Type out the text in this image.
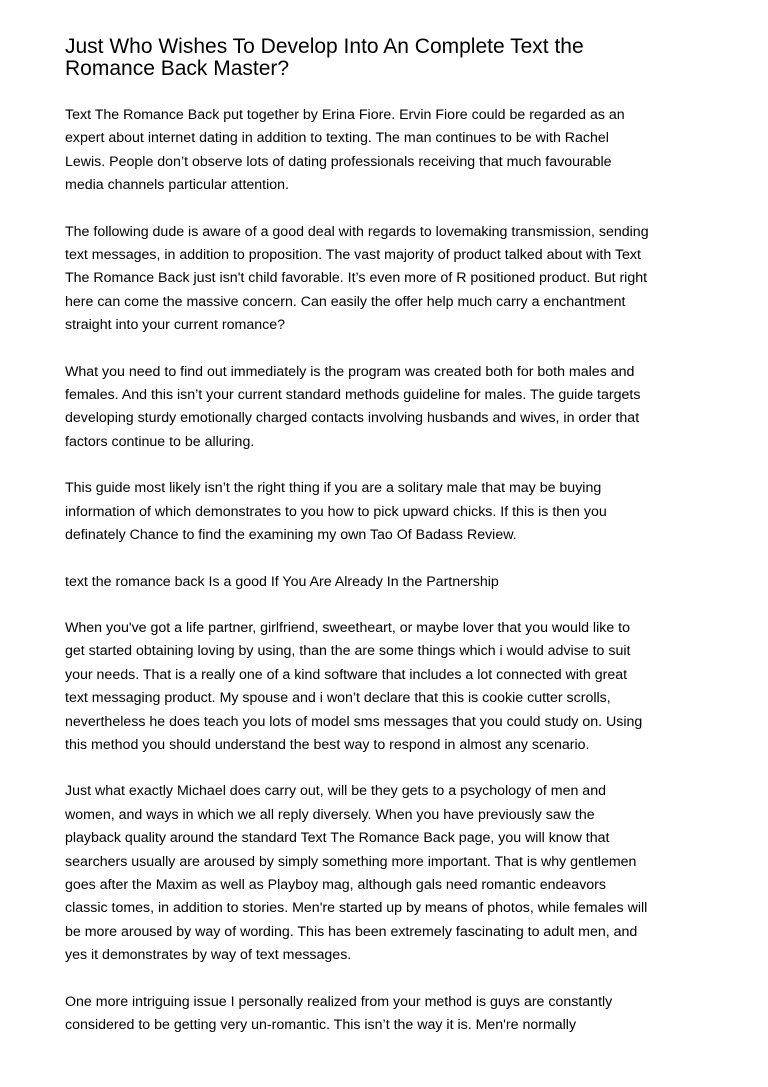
Just Who Wishes To Develop Into An Complete Text the
Romance Back Master?
Text The Romance Back put together by Erina Fiore. Ervin Fiore could be regarded as an
expert about internet dating in addition to texting. The man continues to be with Rachel
Lewis. People don’t observe lots of dating professionals receiving that much favourable
media channels particular attention.
The following dude is aware of a good deal with regards to lovemaking transmission, sending
text messages, in addition to proposition. The vast majority of product talked about with Text
The Romance Back just isn't child favorable. It’s even more of R positioned product. But right
here can come the massive concern. Can easily the offer help much carry a enchantment
straight into your current romance?
What you need to find out immediately is the program was created both for both males and
females. And this isn’t your current standard methods guideline for males. The guide targets
developing sturdy emotionally charged contacts involving husbands and wives, in order that
factors continue to be alluring.
This guide most likely isn’t the right thing if you are a solitary male that may be buying
information of which demonstrates to you how to pick upward chicks. If this is then you
definately Chance to find the examining my own Tao Of Badass Review.
text the romance back Is a good If You Are Already In the Partnership
When you've got a life partner, girlfriend, sweetheart, or maybe lover that you would like to
get started obtaining loving by using, than the are some things which i would advise to suit
your needs. That is a really one of a kind software that includes a lot connected with great
text messaging product. My spouse and i won’t declare that this is cookie cutter scrolls,
nevertheless he does teach you lots of model sms messages that you could study on. Using
this method you should understand the best way to respond in almost any scenario.
Just what exactly Michael does carry out, will be they gets to a psychology of men and
women, and ways in which we all reply diversely. When you have previously saw the
playback quality around the standard Text The Romance Back page, you will know that
searchers usually are aroused by simply something more important. That is why gentlemen
goes after the Maxim as well as Playboy mag, although gals need romantic endeavors
classic tomes, in addition to stories. Men're started up by means of photos, while females will
be more aroused by way of wording. This has been extremely fascinating to adult men, and
yes it demonstrates by way of text messages.
One more intriguing issue I personally realized from your method is guys are constantly
considered to be getting very un-romantic. This isn’t the way it is. Men're normally
